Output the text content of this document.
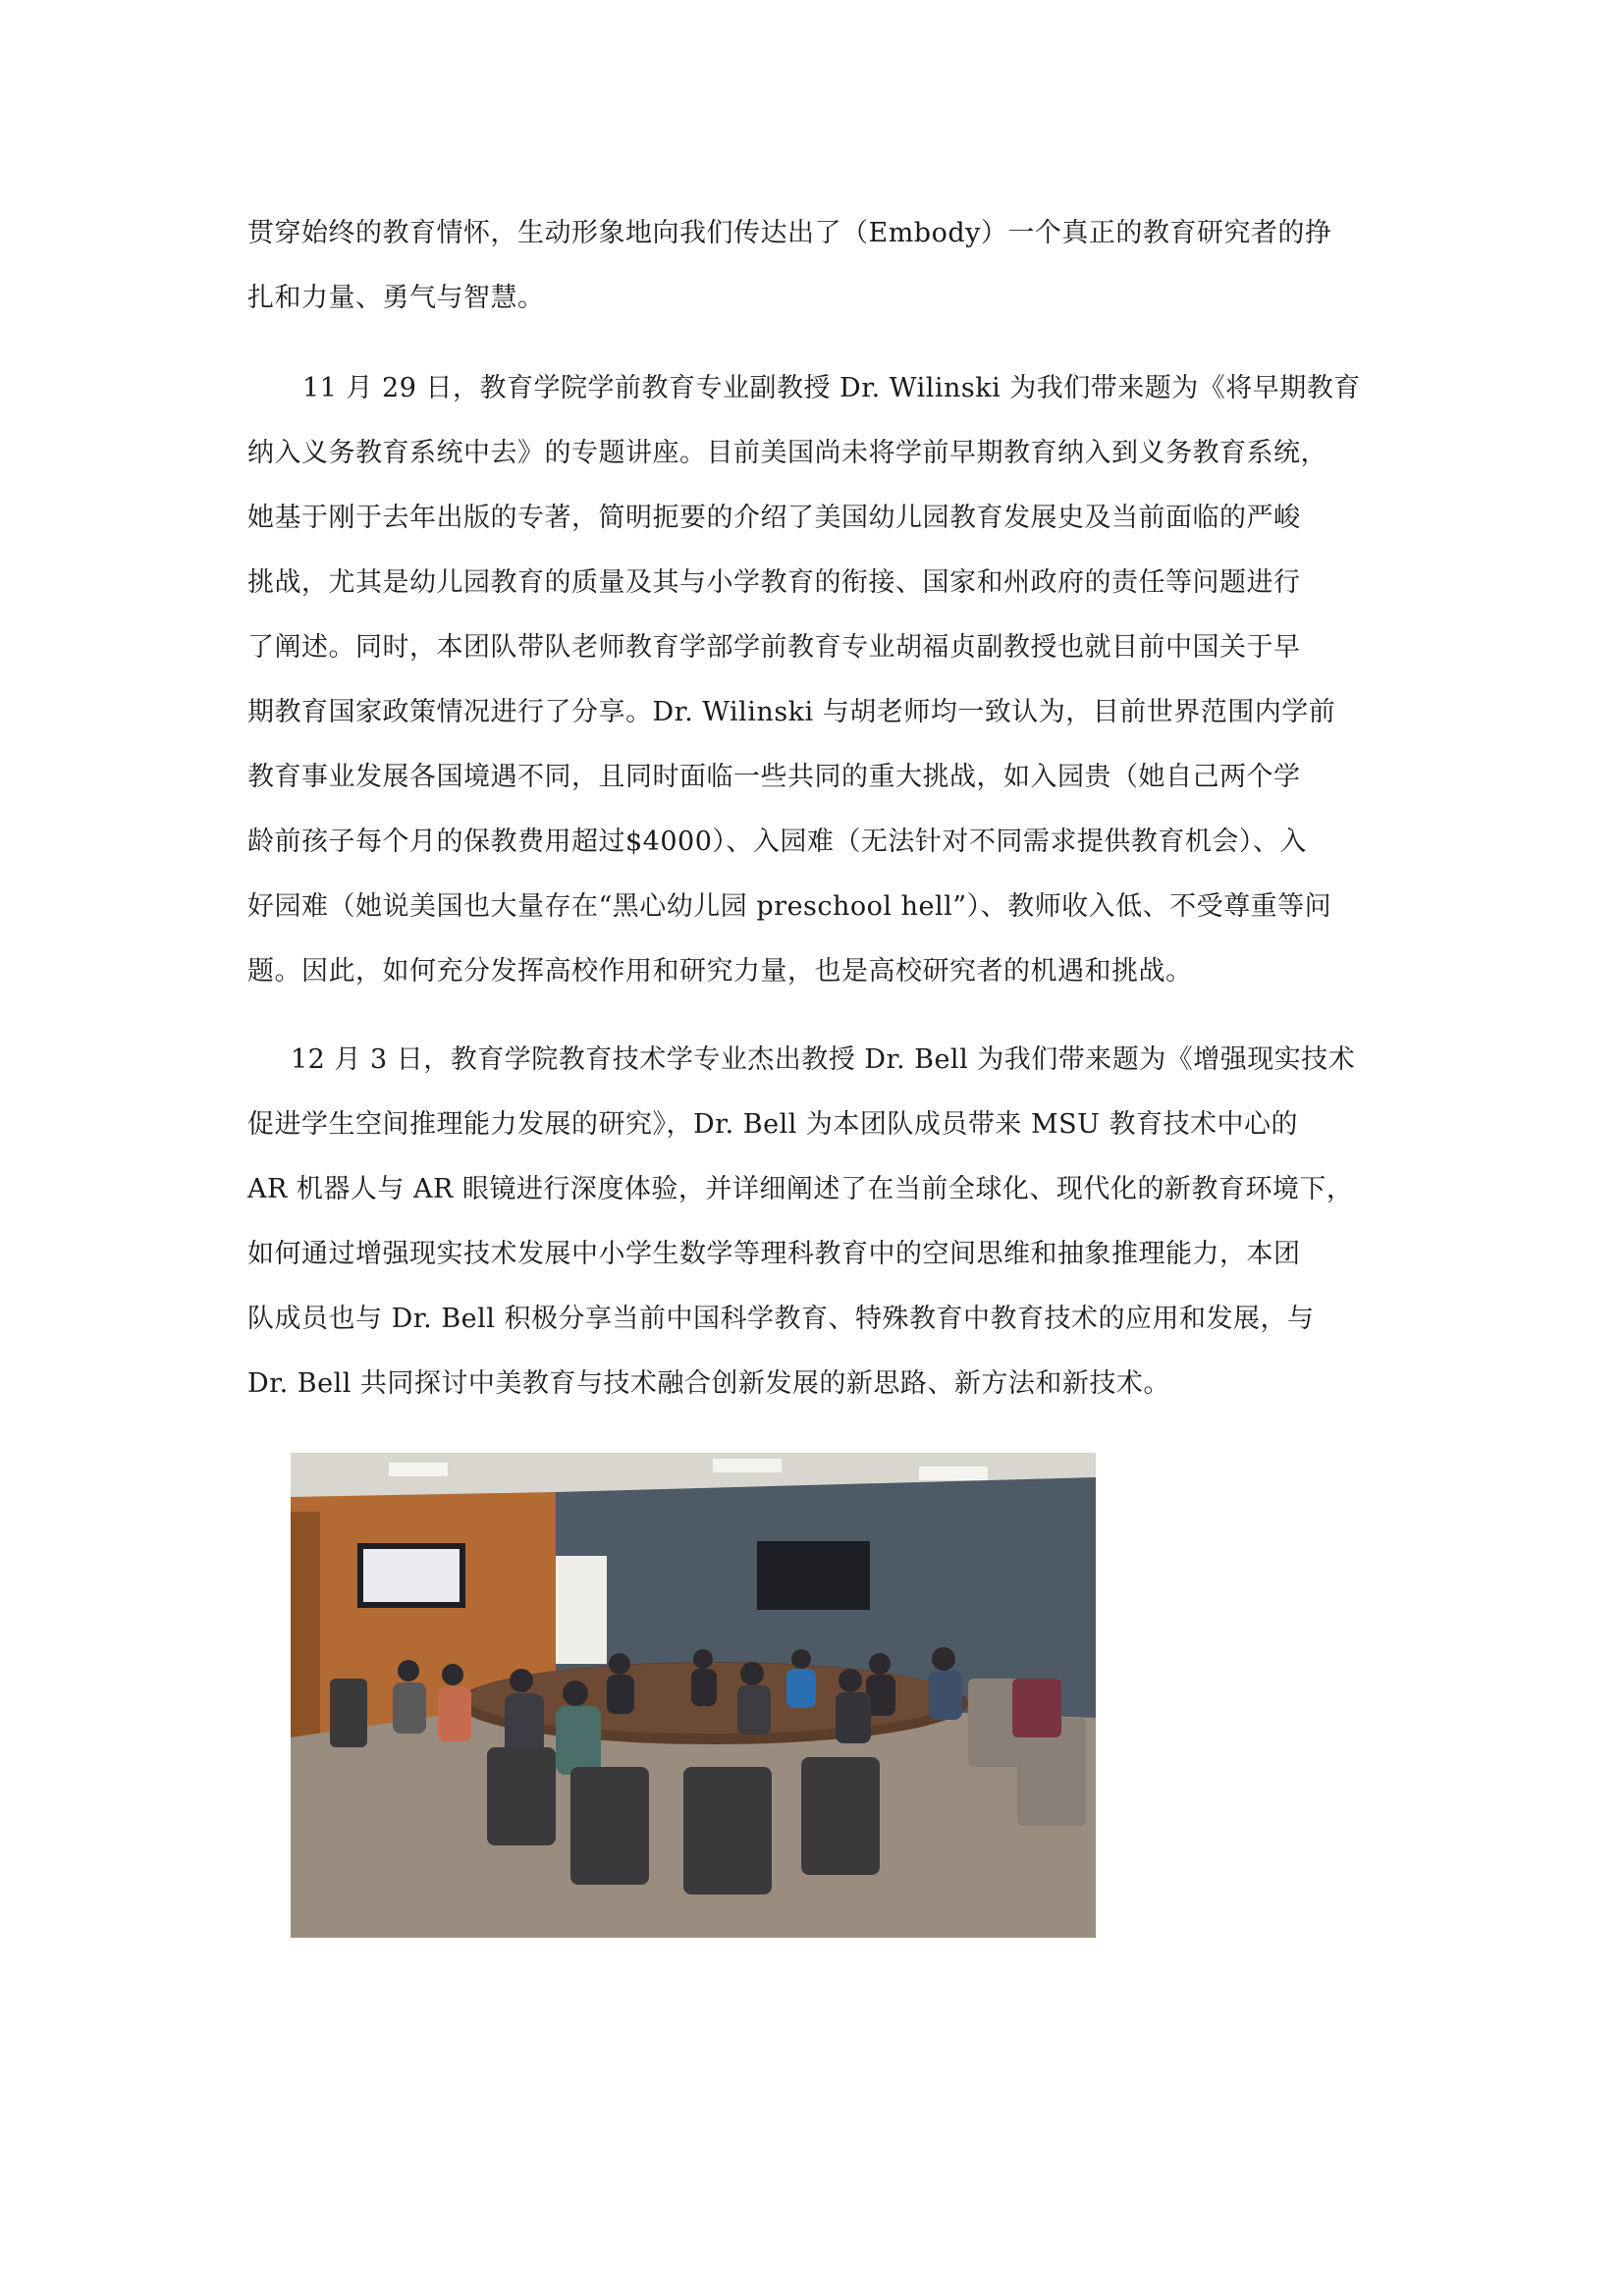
贯穿始终的教育情怀，生动形象地向我们传达出了（Embody）一个真正的教育研究者的挣
扎和力量、勇气与智慧。
11 月 29 日，教育学院学前教育专业副教授 Dr. Wilinski 为我们带来题为《将早期教育
纳入义务教育系统中去》的专题讲座。目前美国尚未将学前早期教育纳入到义务教育系统，
她基于刚于去年出版的专著，简明扼要的介绍了美国幼儿园教育发展史及当前面临的严峻
挑战，尤其是幼儿园教育的质量及其与小学教育的衔接、国家和州政府的责任等问题进行
了阐述。同时，本团队带队老师教育学部学前教育专业胡福贞副教授也就目前中国关于早
期教育国家政策情况进行了分享。Dr. Wilinski 与胡老师均一致认为，目前世界范围内学前
教育事业发展各国境遇不同，且同时面临一些共同的重大挑战，如入园贵（她自己两个学
龄前孩子每个月的保教费用超过$4000）、入园难（无法针对不同需求提供教育机会）、入
好园难（她说美国也大量存在“黑心幼儿园 preschool hell”）、教师收入低、不受尊重等问
题。因此，如何充分发挥高校作用和研究力量，也是高校研究者的机遇和挑战。
12 月 3 日，教育学院教育技术学专业杰出教授 Dr. Bell 为我们带来题为《增强现实技术
促进学生空间推理能力发展的研究》，Dr. Bell 为本团队成员带来 MSU 教育技术中心的
AR 机器人与 AR 眼镜进行深度体验，并详细阐述了在当前全球化、现代化的新教育环境下，
如何通过增强现实技术发展中小学生数学等理科教育中的空间思维和抽象推理能力，本团
队成员也与 Dr. Bell 积极分享当前中国科学教育、特殊教育中教育技术的应用和发展，与
Dr. Bell 共同探讨中美教育与技术融合创新发展的新思路、新方法和新技术。
